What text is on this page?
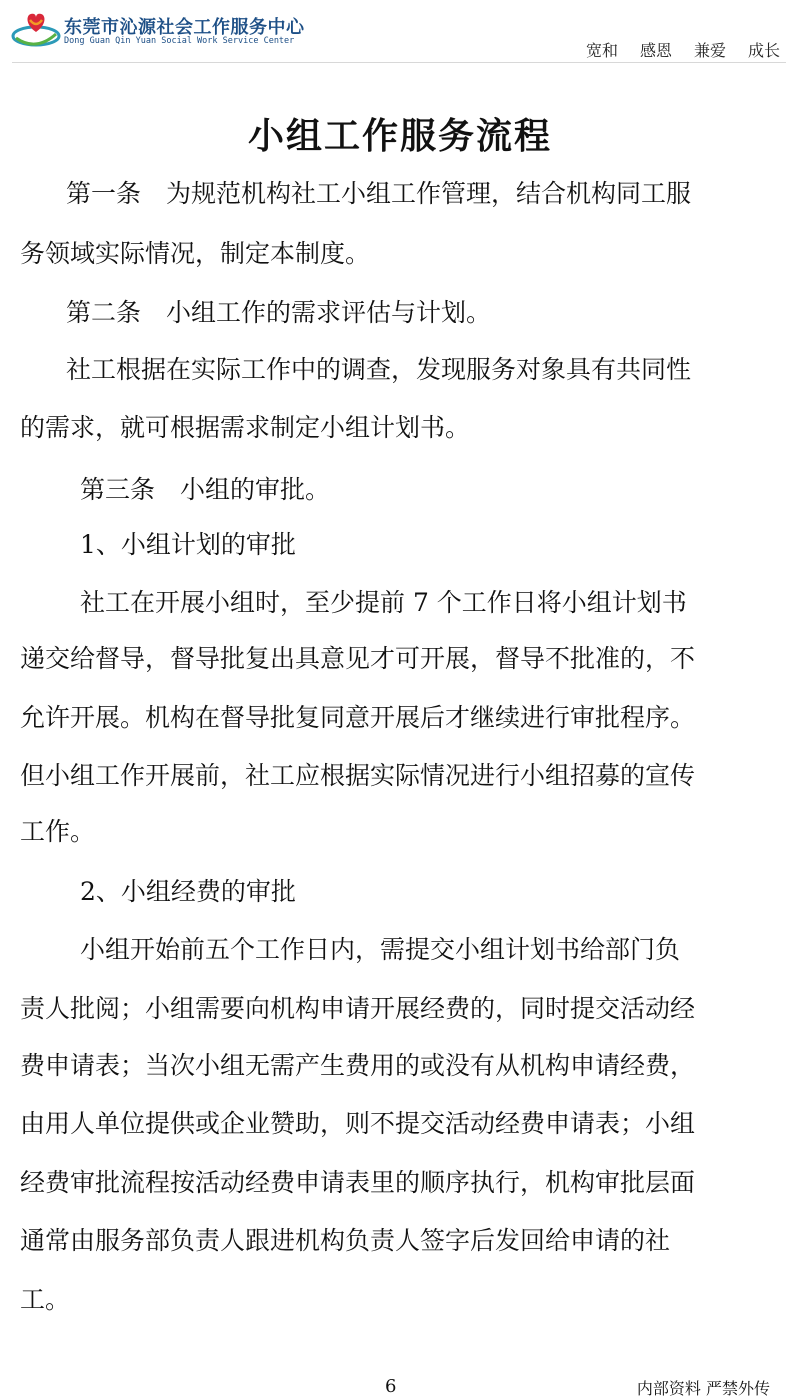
东莞市沁源社会工作服务中心
Dong Guan Qin Yuan Social Work Service Center	宽和 感恩 兼爱 成长
小组工作服务流程
第一条　为规范机构社工小组工作管理，结合机构同工服
务领域实际情况，制定本制度。
第二条　小组工作的需求评估与计划。
社工根据在实际工作中的调查，发现服务对象具有共同性
的需求，就可根据需求制定小组计划书。
第三条　小组的审批。
1、小组计划的审批
社工在开展小组时，至少提前 7 个工作日将小组计划书
递交给督导，督导批复出具意见才可开展，督导不批准的，不
允许开展。机构在督导批复同意开展后才继续进行审批程序。
但小组工作开展前，社工应根据实际情况进行小组招募的宣传
工作。
2、小组经费的审批
小组开始前五个工作日内，需提交小组计划书给部门负
责人批阅；小组需要向机构申请开展经费的，同时提交活动经
费申请表；当次小组无需产生费用的或没有从机构申请经费，
由用人单位提供或企业赞助，则不提交活动经费申请表；小组
经费审批流程按活动经费申请表里的顺序执行，机构审批层面
通常由服务部负责人跟进机构负责人签字后发回给申请的社
工。
6	内部资料 严禁外传
